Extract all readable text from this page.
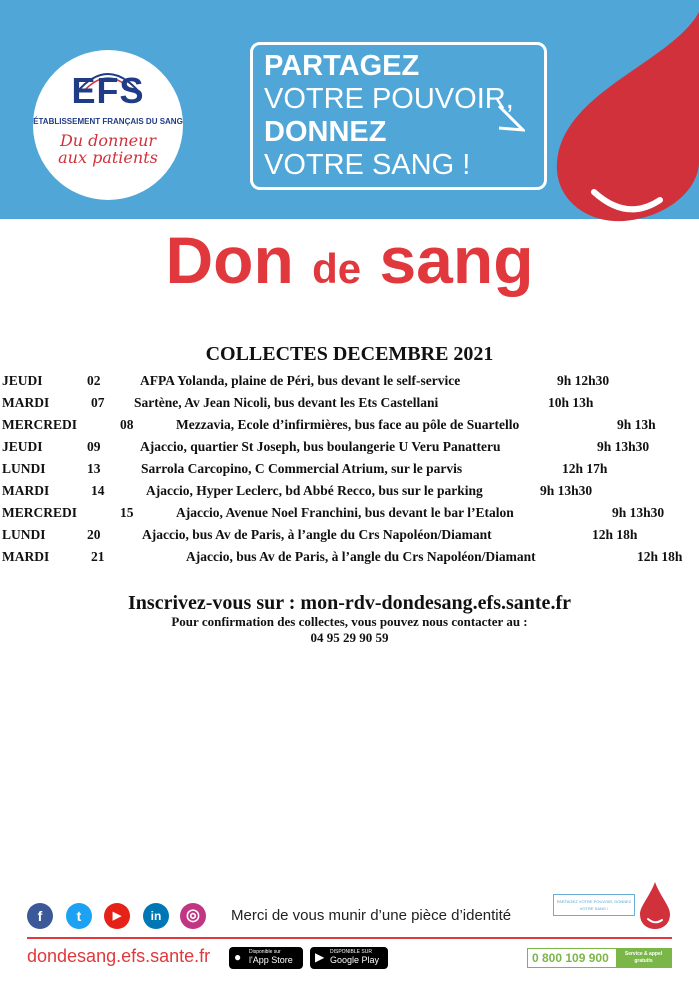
EFS
ÉTABLISSEMENT FRANÇAIS DU SANG
Du donneur
aux patients
PARTAGEZ
VOTRE POUVOIR,
DONNEZ
VOTRE SANG !
Don de sang
COLLECTES DECEMBRE 2021
JEUDI	02	AFPA Yolanda, plaine de Péri, bus devant le self-service	9h 12h30
MARDI	07 Sartène, Av Jean Nicoli, bus devant les Ets Castellani	10h 13h
MERCREDI	08	Mezzavia, Ecole d’infirmières, bus face au pôle de Suartello	9h 13h
JEUDI	09	Ajaccio, quartier St Joseph, bus boulangerie U Veru Panatteru	9h 13h30
LUNDI	13	Sarrola Carcopino, C Commercial Atrium, sur le parvis	12h 17h
MARDI	14	Ajaccio, Hyper Leclerc, bd Abbé Recco, bus sur le parking	9h 13h30
MERCREDI	15	Ajaccio, Avenue Noel Franchini, bus devant le bar l’Etalon	9h 13h30
LUNDI	20	Ajaccio, bus Av de Paris, à l’angle du Crs Napoléon/Diamant	12h 18h
MARDI	21	Ajaccio, bus Av de Paris, à l’angle du Crs Napoléon/Diamant	12h 18h
Inscrivez-vous sur : mon-rdv-dondesang.efs.sante.fr
Pour confirmation des collectes, vous pouvez nous contacter au :
04 95 29 90 59
f	t	▶	in	◎	Merci de vous munir d’une pièce d’identité
PARTAGEZ VOTRE POUVOIR, DONNEZ VOTRE SANG !
dondesang.efs.sante.fr ● Disponible sur
l'App Store	▶ DISPONIBLE SUR
Google Play	0 800 109 900	Service & appel gratuits
